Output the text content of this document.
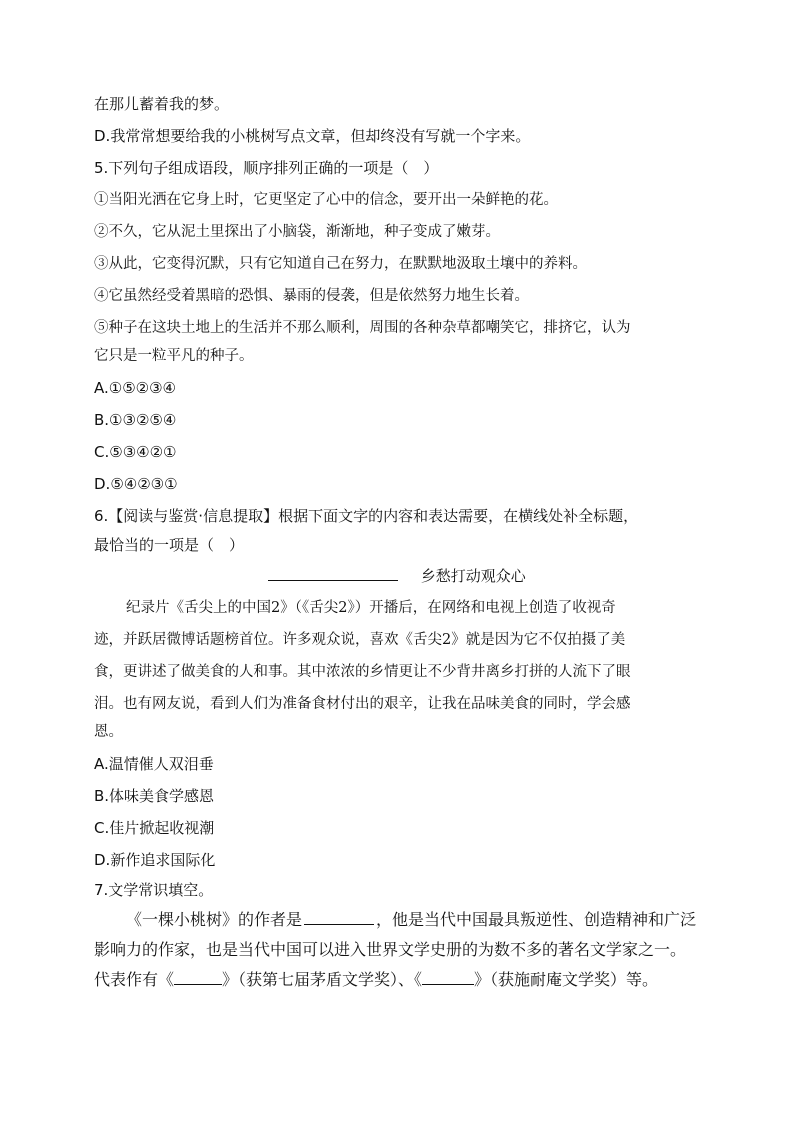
在那儿蓄着我的梦。

D.我常常想要给我的小桃树写点文章，但却终没有写就一个字来。

5.下列句子组成语段，顺序排列正确的一项是（　）

①当阳光洒在它身上时，它更坚定了心中的信念，要开出一朵鲜艳的花。

②不久，它从泥土里探出了小脑袋，渐渐地，种子变成了嫩芽。

③从此，它变得沉默，只有它知道自己在努力，在默默地汲取土壤中的养料。

④它虽然经受着黑暗的恐惧、暴雨的侵袭，但是依然努力地生长着。

⑤种子在这块土地上的生活并不那么顺利，周围的各种杂草都嘲笑它，排挤它，认为

它只是一粒平凡的种子。

A.①⑤②③④

B.①③②⑤④

C.⑤③④②①

D.⑤④②③①

6.【阅读与鉴赏·信息提取】根据下面文字的内容和表达需要，在横线处补全标题，

最恰当的一项是（　）

乡愁打动观众心

纪录片《舌尖上的中国2》（《舌尖2》）开播后，在网络和电视上创造了收视奇

迹，并跃居微博话题榜首位。许多观众说，喜欢《舌尖2》就是因为它不仅拍摄了美

食，更讲述了做美食的人和事。其中浓浓的乡情更让不少背井离乡打拼的人流下了眼

泪。也有网友说，看到人们为准备食材付出的艰辛，让我在品味美食的同时，学会感

恩。

A.温情催人双泪垂

B.体味美食学感恩

C.佳片掀起收视潮

D.新作追求国际化

7.文学常识填空。

《一棵小桃树》的作者是	，他是当代中国最具叛逆性、创造精神和广泛

影响力的作家，也是当代中国可以进入世界文学史册的为数不多的著名文学家之一。

代表作有《	》（获第七届茅盾文学奖）、《	》（获施耐庵文学奖）等。
